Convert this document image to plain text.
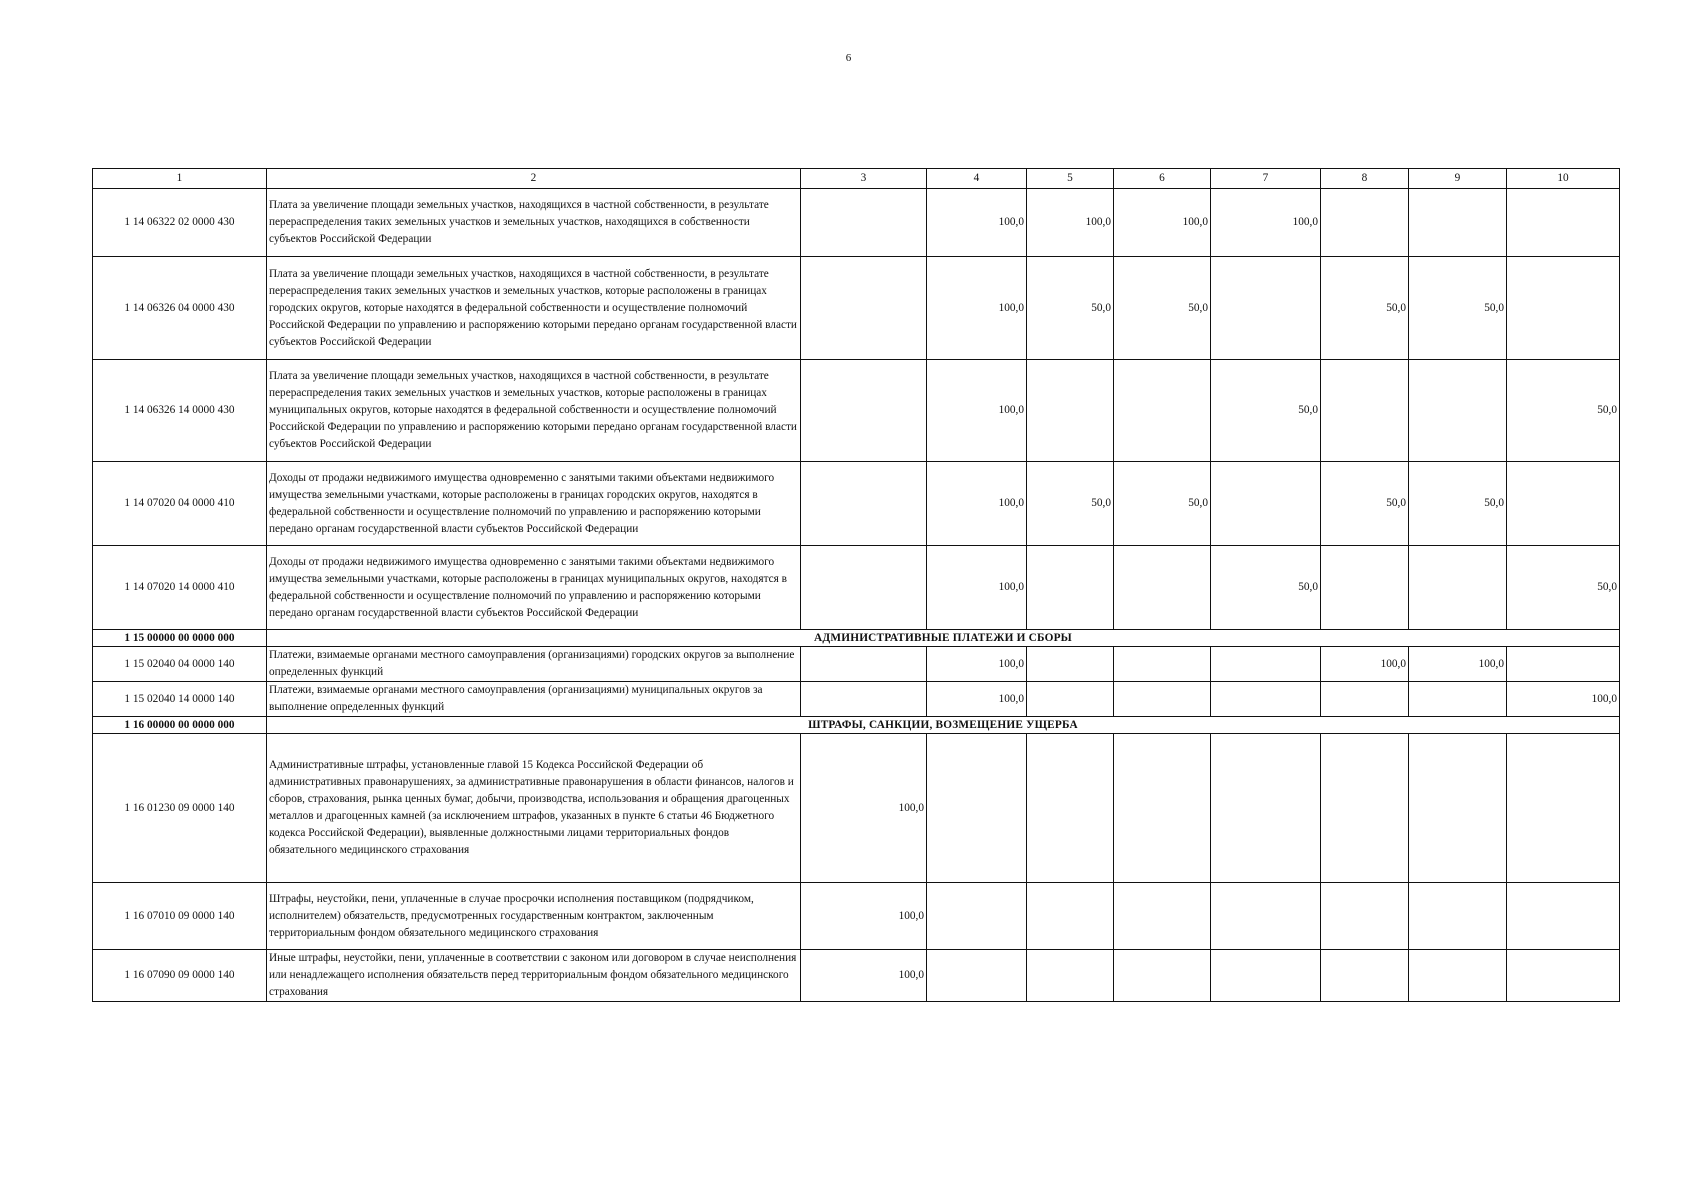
6
1	2	3	4	5	6	7	8	9	10
1 14 06322 02 0000 430	Плата за увеличение площади земельных участков, находящихся в частной собственности, в результате перераспределения таких земельных участков и земельных участков, находящихся в собственности субъектов Российской Федерации		100,0	100,0	100,0	100,0			
1 14 06326 04 0000 430	Плата за увеличение площади земельных участков, находящихся в частной собственности, в результате перераспределения таких земельных участков и земельных участков, которые расположены в границах городских округов, которые находятся в федеральной собственности и осуществление полномочий Российской Федерации по управлению и распоряжению которыми передано органам государственной власти субъектов Российской Федерации		100,0	50,0	50,0		50,0	50,0	
1 14 06326 14 0000 430	Плата за увеличение площади земельных участков, находящихся в частной собственности, в результате перераспределения таких земельных участков и земельных участков, которые расположены в границах муниципальных округов, которые находятся в федеральной собственности и осуществление полномочий Российской Федерации по управлению и распоряжению которыми передано органам государственной власти субъектов Российской Федерации		100,0			50,0			50,0
1 14 07020 04 0000 410	Доходы от продажи недвижимого имущества одновременно с занятыми такими объектами недвижимого имущества земельными участками, которые расположены в границах городских округов, находятся в федеральной собственности и осуществление полномочий по управлению и распоряжению которыми передано органам государственной власти субъектов Российской Федерации		100,0	50,0	50,0		50,0	50,0	
1 14 07020 14 0000 410	Доходы от продажи недвижимого имущества одновременно с занятыми такими объектами недвижимого имущества земельными участками, которые расположены в границах муниципальных округов, находятся в федеральной собственности и осуществление полномочий по управлению и распоряжению которыми передано органам государственной власти субъектов Российской Федерации		100,0			50,0			50,0
1 15 00000 00 0000 000	АДМИНИСТРАТИВНЫЕ ПЛАТЕЖИ И СБОРЫ								
1 15 02040 04 0000 140	Платежи, взимаемые органами местного самоуправления (организациями) городских округов за выполнение определенных функций		100,0				100,0	100,0	
1 15 02040 14 0000 140	Платежи, взимаемые органами местного самоуправления (организациями) муниципальных округов за выполнение определенных функций		100,0						100,0
1 16 00000 00 0000 000	ШТРАФЫ, САНКЦИИ, ВОЗМЕЩЕНИЕ УЩЕРБА								
1 16 01230 09 0000 140	Административные штрафы, установленные главой 15 Кодекса Российской Федерации об административных правонарушениях, за административные правонарушения в области финансов, налогов и сборов, страхования, рынка ценных бумаг, добычи, производства, использования и обращения драгоценных металлов и драгоценных камней (за исключением штрафов, указанных в пункте 6 статьи 46 Бюджетного кодекса Российской Федерации), выявленные должностными лицами территориальных фондов обязательного медицинского страхования	100,0							
1 16 07010 09 0000 140	Штрафы, неустойки, пени, уплаченные в случае просрочки исполнения поставщиком (подрядчиком, исполнителем) обязательств, предусмотренных государственным контрактом, заключенным территориальным фондом обязательного медицинского страхования	100,0							
1 16 07090 09 0000 140	Иные штрафы, неустойки, пени, уплаченные в соответствии с законом или договором в случае неисполнения или ненадлежащего исполнения обязательств перед территориальным фондом обязательного медицинского страхования	100,0							
